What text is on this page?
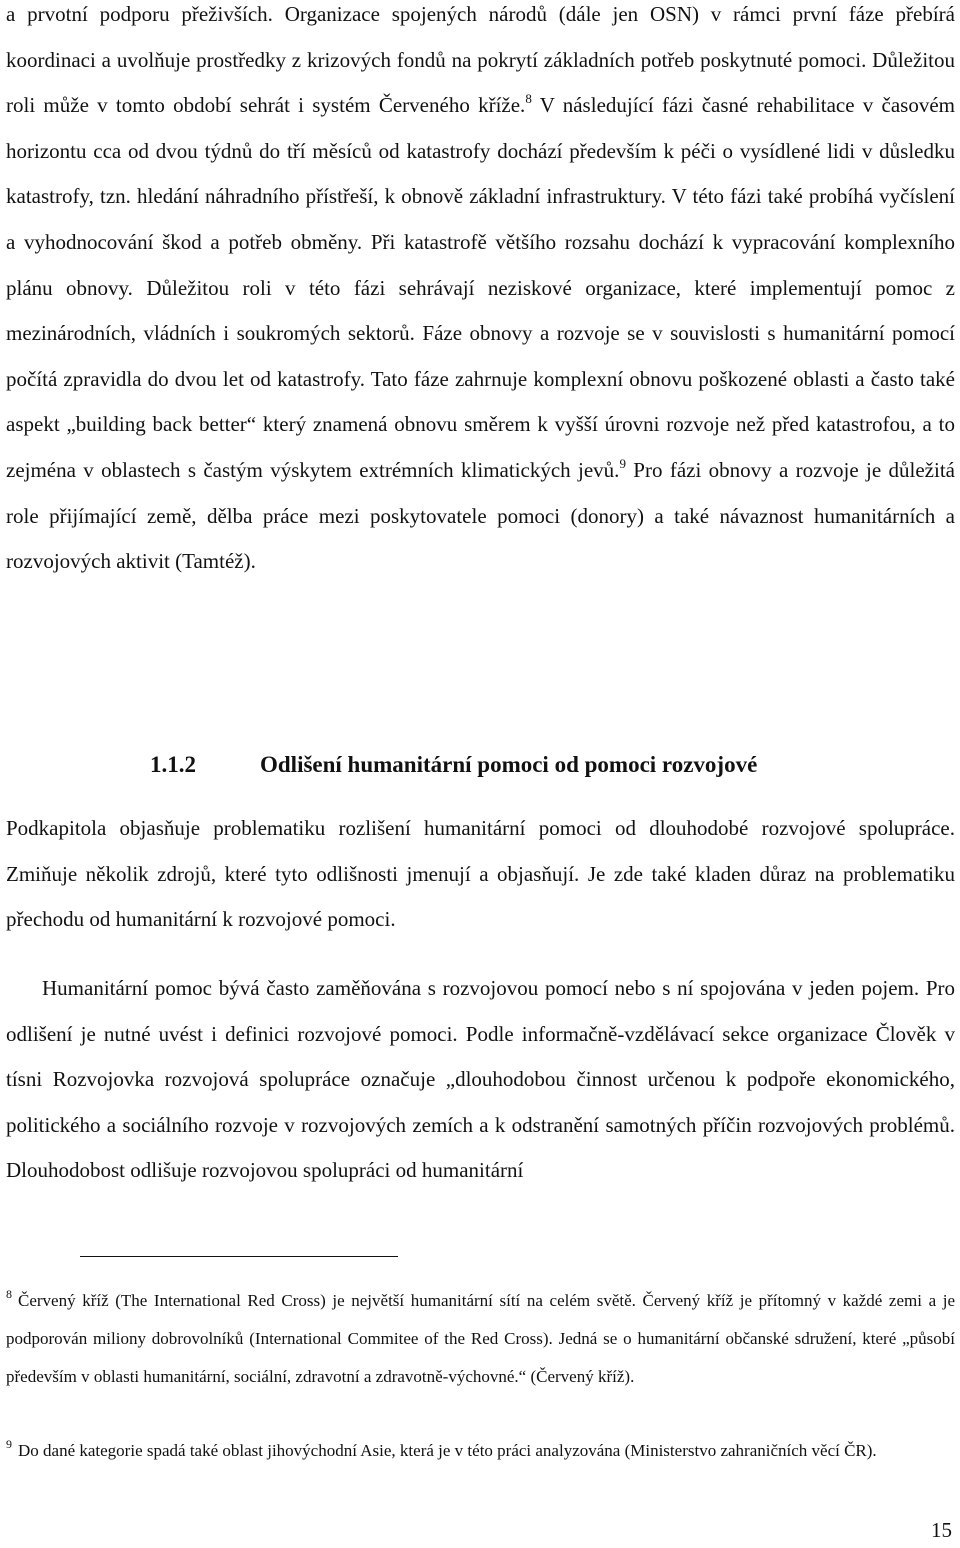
a prvotní podporu přeživších. Organizace spojených národů (dále jen OSN) v rámci první fáze přebírá koordinaci a uvolňuje prostředky z krizových fondů na pokrytí základních potřeb poskytnuté pomoci. Důležitou roli může v tomto období sehrát i systém Červeného kříže.$^8$ V následující fázi časné rehabilitace v časovém horizontu cca od dvou týdnů do tří měsíců od katastrofy dochází především k péči o vysídlené lidi v důsledku katastrofy, tzn. hledání náhradního přístřeší, k obnově základní infrastruktury. V této fázi také probíhá vyčíslení a vyhodnocování škod a potřeb obměny. Při katastrofě většího rozsahu dochází k vypracování komplexního plánu obnovy. Důležitou roli v této fázi sehrávají neziskové organizace, které implementují pomoc z mezinárodních, vládních i soukromých sektorů. Fáze obnovy a rozvoje se v souvislosti s humanitární pomocí počítá zpravidla do dvou let od katastrofy. Tato fáze zahrnuje komplexní obnovu poškozené oblasti a často také aspekt „building back better“ který znamená obnovu směrem k vyšší úrovni rozvoje než před katastrofou, a to zejména v oblastech s častým výskytem extrémních klimatických jevů.$^9$ Pro fázi obnovy a rozvoje je důležitá role přijímající země, dělba práce mezi poskytovatele pomoci (donory) a také návaznost humanitárních a rozvojových aktivit (Tamtéž).

1.1.2	Odlišení humanitární pomoci od pomoci rozvojové

Podkapitola objasňuje problematiku rozlišení humanitární pomoci od dlouhodobé rozvojové spolupráce. Zmiňuje několik zdrojů, které tyto odlišnosti jmenují a objasňují. Je zde také kladen důraz na problematiku přechodu od humanitární k rozvojové pomoci.

Humanitární pomoc bývá často zaměňována s rozvojovou pomocí nebo s ní spojována v jeden pojem. Pro odlišení je nutné uvést i definici rozvojové pomoci. Podle informačně-vzdělávací sekce organizace Člověk v tísni Rozvojovka rozvojová spolupráce označuje „dlouhodobou činnost určenou k podpoře ekonomického, politického a sociálního rozvoje v rozvojových zemích a k odstranění samotných příčin rozvojových problémů. Dlouhodobost odlišuje rozvojovou spolupráci od humanitární

$^8$ Červený kříž (The International Red Cross) je největší humanitární sítí na celém světě. Červený kříž je přítomný v každé zemi a je podporován miliony dobrovolníků (International Commitee of the Red Cross). Jedná se o humanitární občanské sdružení, které „působí především v oblasti humanitární, sociální, zdravotní a zdravotně-výchovné.“ (Červený kříž).

$^9$ Do dané kategorie spadá také oblast jihovýchodní Asie, která je v této práci analyzována (Ministerstvo zahraničních věcí ČR).

15
